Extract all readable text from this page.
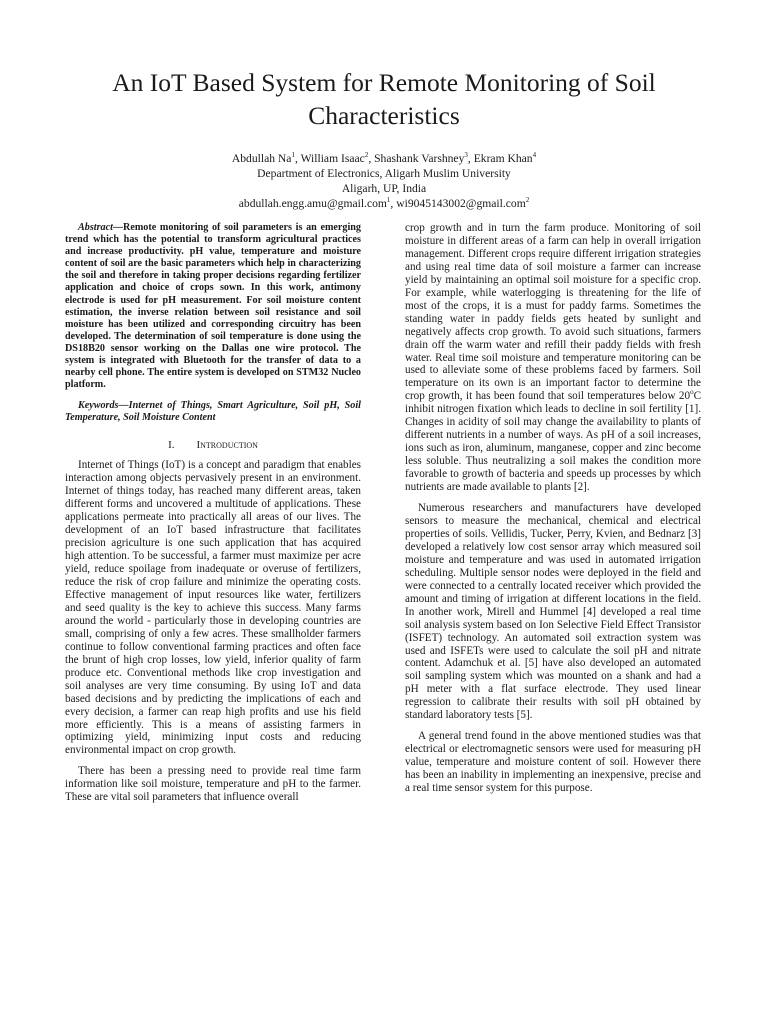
An IoT Based System for Remote Monitoring of Soil Characteristics
Abdullah Na$^1$, William Isaac$^2$, Shashank Varshney$^3$, Ekram Khan$^4$
Department of Electronics, Aligarh Muslim University
Aligarh, UP, India
abdullah.engg.amu@gmail.com$^1$, wi9045143002@gmail.com$^2$

Abstract—Remote monitoring of soil parameters is an emerging trend which has the potential to transform agricultural practices and increase productivity. pH value, temperature and moisture content of soil are the basic parameters which help in characterizing the soil and therefore in taking proper decisions regarding fertilizer application and choice of crops sown. In this work, antimony electrode is used for pH measurement. For soil moisture content estimation, the inverse relation between soil resistance and soil moisture has been utilized and corresponding circuitry has been developed. The determination of soil temperature is done using the DS18B20 sensor working on the Dallas one wire protocol. The system is integrated with Bluetooth for the transfer of data to a nearby cell phone. The entire system is developed on STM32 Nucleo platform.

Keywords—Internet of Things, Smart Agriculture, Soil pH, Soil Temperature, Soil Moisture Content

I. Introduction

Internet of Things (IoT) is a concept and paradigm that enables interaction among objects pervasively present in an environment. Internet of things today, has reached many different areas, taken different forms and uncovered a multitude of applications. These applications permeate into practically all areas of our lives. The development of an IoT based infrastructure that facilitates precision agriculture is one such application that has acquired high attention. To be successful, a farmer must maximize per acre yield, reduce spoilage from inadequate or overuse of fertilizers, reduce the risk of crop failure and minimize the operating costs. Effective management of input resources like water, fertilizers and seed quality is the key to achieve this success. Many farms around the world - particularly those in developing countries are small, comprising of only a few acres. These smallholder farmers continue to follow conventional farming practices and often face the brunt of high crop losses, low yield, inferior quality of farm produce etc. Conventional methods like crop investigation and soil analyses are very time consuming. By using IoT and data based decisions and by predicting the implications of each and every decision, a farmer can reap high profits and use his field more efficiently. This is a means of assisting farmers in optimizing yield, minimizing input costs and reducing environmental impact on crop growth.

There has been a pressing need to provide real time farm information like soil moisture, temperature and pH to the farmer. These are vital soil parameters that influence overall

crop growth and in turn the farm produce. Monitoring of soil moisture in different areas of a farm can help in overall irrigation management. Different crops require different irrigation strategies and using real time data of soil moisture a farmer can increase yield by maintaining an optimal soil moisture for a specific crop. For example, while waterlogging is threatening for the life of most of the crops, it is a must for paddy farms. Sometimes the standing water in paddy fields gets heated by sunlight and negatively affects crop growth. To avoid such situations, farmers drain off the warm water and refill their paddy fields with fresh water. Real time soil moisture and temperature monitoring can be used to alleviate some of these problems faced by farmers. Soil temperature on its own is an important factor to determine the crop growth, it has been found that soil temperatures below 20$^o$C inhibit nitrogen fixation which leads to decline in soil fertility [1]. Changes in acidity of soil may change the availability to plants of different nutrients in a number of ways. As pH of a soil increases, ions such as iron, aluminum, manganese, copper and zinc become less soluble. Thus neutralizing a soil makes the condition more favorable to growth of bacteria and speeds up processes by which nutrients are made available to plants [2].

Numerous researchers and manufacturers have developed sensors to measure the mechanical, chemical and electrical properties of soils. Vellidis, Tucker, Perry, Kvien, and Bednarz [3] developed a relatively low cost sensor array which measured soil moisture and temperature and was used in automated irrigation scheduling. Multiple sensor nodes were deployed in the field and were connected to a centrally located receiver which provided the amount and timing of irrigation at different locations in the field. In another work, Mirell and Hummel [4] developed a real time soil analysis system based on Ion Selective Field Effect Transistor (ISFET) technology. An automated soil extraction system was used and ISFETs were used to calculate the soil pH and nitrate content. Adamchuk et al. [5] have also developed an automated soil sampling system which was mounted on a shank and had a pH meter with a flat surface electrode. They used linear regression to calibrate their results with soil pH obtained by standard laboratory tests [5].

A general trend found in the above mentioned studies was that electrical or electromagnetic sensors were used for measuring pH value, temperature and moisture content of soil. However there has been an inability in implementing an inexpensive, precise and a real time sensor system for this purpose.
